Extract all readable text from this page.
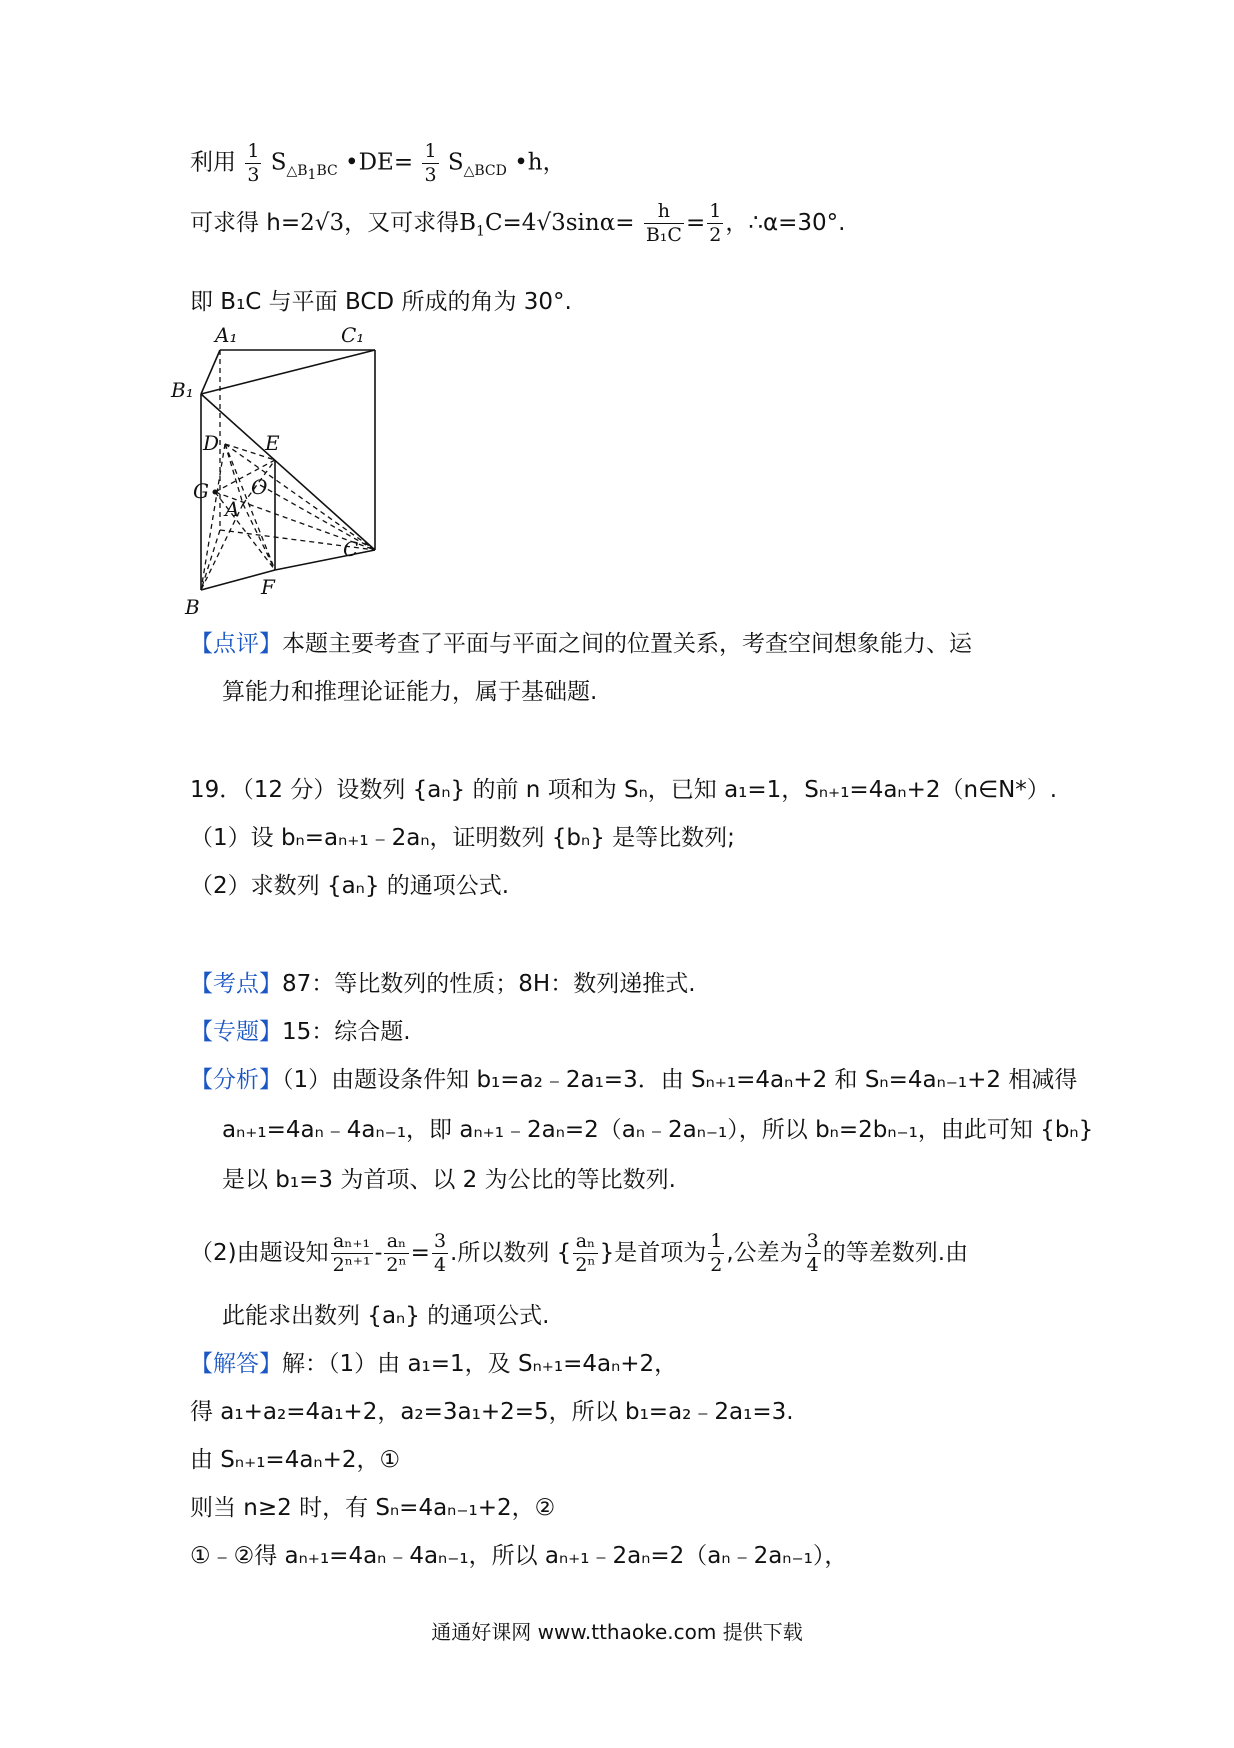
利用 $\frac{1}{3} S_{\triangle B_1BC}$ •DE= $\frac{1}{3} S_{\triangle BCD}$ •h，
可求得 h=2√3，又可求得$B_1C=4√3\sin\alpha= \frac{h}{\text{B₁C}} = \frac{1}{2}$ ，∴α=30°.
即 B₁C 与平面 BCD 所成的角为 30°.
A₁	C₁
B₁
D E
G O
A
C
F
B
【点评】本题主要考查了平面与平面之间的位置关系，考查空间想象能力、运
算能力和推理论证能力，属于基础题.
19．（12 分）设数列 {aₙ} 的前 n 项和为 Sₙ，已知 a₁=1，Sₙ₊₁=4aₙ+2（n∈N*）.
（1）设 bₙ=aₙ₊₁﹣2aₙ，证明数列 {bₙ} 是等比数列;
（2）求数列 {aₙ} 的通项公式.
【考点】87：等比数列的性质；8H：数列递推式.
【专题】15：综合题.
【分析】（1）由题设条件知 b₁=a₂﹣2a₁=3．由 Sₙ₊₁=4aₙ+2 和 Sₙ=4aₙ₋₁+2 相减得
aₙ₊₁=4aₙ﹣4aₙ₋₁，即 aₙ₊₁﹣2aₙ=2（aₙ﹣2aₙ₋₁），所以 bₙ=2bₙ₋₁，由此可知 {bₙ}
是以 b₁=3 为首项、以 2 为公比的等比数列.
（2)由题设知 $\frac{\text{aₙ₊₁}}{\text{2ⁿ⁺¹}} - \frac{\text{aₙ}}{\text{2ⁿ}} = \frac{3}{4}$ .所以数列 { $\frac{\text{aₙ}}{\text{2ⁿ}}$ }是首项为 $\frac{1}{2}$ ,公差为 $\frac{3}{4}$ 的等差数列.由
此能求出数列 {aₙ} 的通项公式.
【解答】解：（1）由 a₁=1，及 Sₙ₊₁=4aₙ+2，
得 a₁+a₂=4a₁+2，a₂=3a₁+2=5，所以 b₁=a₂﹣2a₁=3.
由 Sₙ₊₁=4aₙ+2，①
则当 n≥2 时，有 Sₙ=4aₙ₋₁+2，②
①﹣②得 aₙ₊₁=4aₙ﹣4aₙ₋₁，所以 aₙ₊₁﹣2aₙ=2（aₙ﹣2aₙ₋₁），
通通好课网 www.tthaoke.com 提供下载
